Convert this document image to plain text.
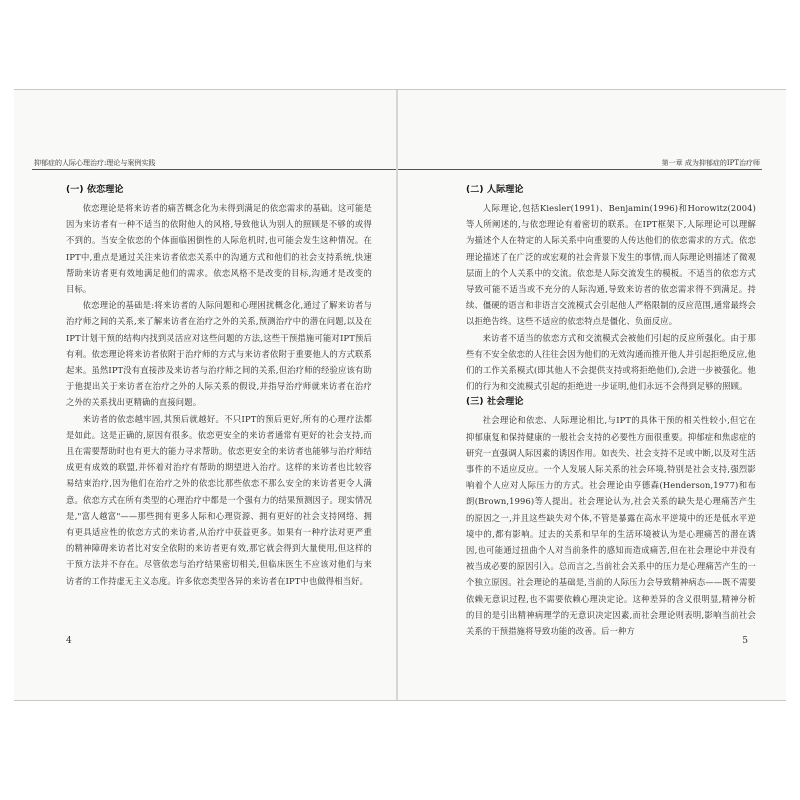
抑郁症的人际心理治疗:理论与案例实践
(一) 依恋理论

依恋理论是将来访者的痛苦概念化为未得到满足的依恋需求的基础。这可能是因为来访者有一种不适当的依附他人的风格,导致他认为别人的照顾是不够的或得不到的。当安全依恋的个体面临困倒性的人际危机时,也可能会发生这种情况。在IPT中,重点是通过关注来访者依恋关系中的沟通方式和他们的社会支持系统,快速帮助来访者更有效地满足他们的需求。依恋风格不是改变的目标,沟通才是改变的目标。

依恋理论的基础是:将来访者的人际问题和心理困扰概念化,通过了解来访者与治疗师之间的关系,来了解来访者在治疗之外的关系,预测治疗中的潜在问题,以及在IPT计划干预的结构内找到灵活应对这些问题的方法,这些干预措施可能对IPT预后有利。依恋理论将来访者依附于治疗师的方式与来访者依附于重要他人的方式联系起来。虽然IPT没有直接涉及来访者与治疗师之间的关系,但治疗师的经验应该有助于他提出关于来访者在治疗之外的人际关系的假设,并指导治疗师就来访者在治疗之外的关系找出更精确的直接问题。

来访者的依恋越牢固,其预后就越好。不只IPT的预后更好,所有的心理疗法都是如此。这是正确的,原因有很多。依恋更安全的来访者通常有更好的社会支持,而且在需要帮助时也有更大的能力寻求帮助。依恋更安全的来访者也能够与治疗师结成更有成效的联盟,并怀着对治疗有帮助的期望进入治疗。这样的来访者也比较容易结束治疗,因为他们在治疗之外的依恋比那些依恋不那么安全的来访者更令人满意。依恋方式在所有类型的心理治疗中都是一个强有力的结果预测因子。现实情况是,"富人越富"——那些拥有更多人际和心理资源、拥有更好的社会支持网络、拥有更具适应性的依恋方式的来访者,从治疗中获益更多。如果有一种疗法对更严重的精神障碍来访者比对安全依附的来访者更有效,那它就会得到大量使用,但这样的干预方法并不存在。尽管依恋与治疗结果密切相关,但临床医生不应该对他们与来访者的工作持虚无主义态度。许多依恋类型各异的来访者在IPT中也做得相当好。

4
第一章 成为抑郁症的IPT治疗师
(二) 人际理论

人际理论,包括Kiesler(1991)、Benjamin(1996)和Horowitz(2004)等人所阐述的,与依恋理论有着密切的联系。在IPT框架下,人际理论可以理解为描述个人在特定的人际关系中向重要的人传达他们的依恋需求的方式。依恋理论描述了在广泛的或宏观的社会背景下发生的事情,而人际理论则描述了微观层面上的个人关系中的交流。依恋是人际交流发生的模板。不适当的依恋方式导致可能不适当或不充分的人际沟通,导致来访者的依恋需求得不到满足。持续、僵硬的语言和非语言交流模式会引起他人严格限制的反应范围,通常最终会以拒绝告终。这些不适应的依恋特点是僵化、负面反应。

来访者不适当的依恋方式和交流模式会被他们引起的反应所强化。由于那些有不安全依恋的人往往会因为他们的无效沟通而推开他人并引起拒绝反应,他们的工作关系模式(即其他人不会提供支持或将拒绝他们),会进一步被强化。他们的行为和交流模式引起的拒绝进一步证明,他们永远不会得到足够的照顾。

(三) 社会理论

社会理论和依恋、人际理论相比,与IPT的具体干预的相关性较小,但它在抑郁康复和保持健康的一般社会支持的必要性方面很重要。抑郁症和焦虑症的研究一直强调人际因素的诱因作用。如丧失、社会支持不足或中断,以及对生活事件的不适应反应。一个人发展人际关系的社会环境,特别是社会支持,强烈影响着个人应对人际压力的方式。社会理论由亨德森(Henderson,1977)和布朗(Brown,1996)等人提出。社会理论认为,社会关系的缺失是心理痛苦产生的原因之一,并且这些缺失对个体,不管是暴露在高水平逆境中的还是低水平逆境中的,都有影响。过去的关系和早年的生活环境被认为是心理痛苦的潜在诱因,也可能通过扭曲个人对当前条件的感知而造成痛苦,但在社会理论中并没有被当成必要的原因引入。总而言之,当前社会关系中的压力是心理痛苦产生的一个独立原因。社会理论的基础是,当前的人际压力会导致精神病态——既不需要依赖无意识过程,也不需要依赖心理决定论。这种差异的含义很明显,精神分析的目的是引出精神病理学的无意识决定因素,而社会理论则表明,影响当前社会关系的干预措施将导致功能的改善。后一种方

5
